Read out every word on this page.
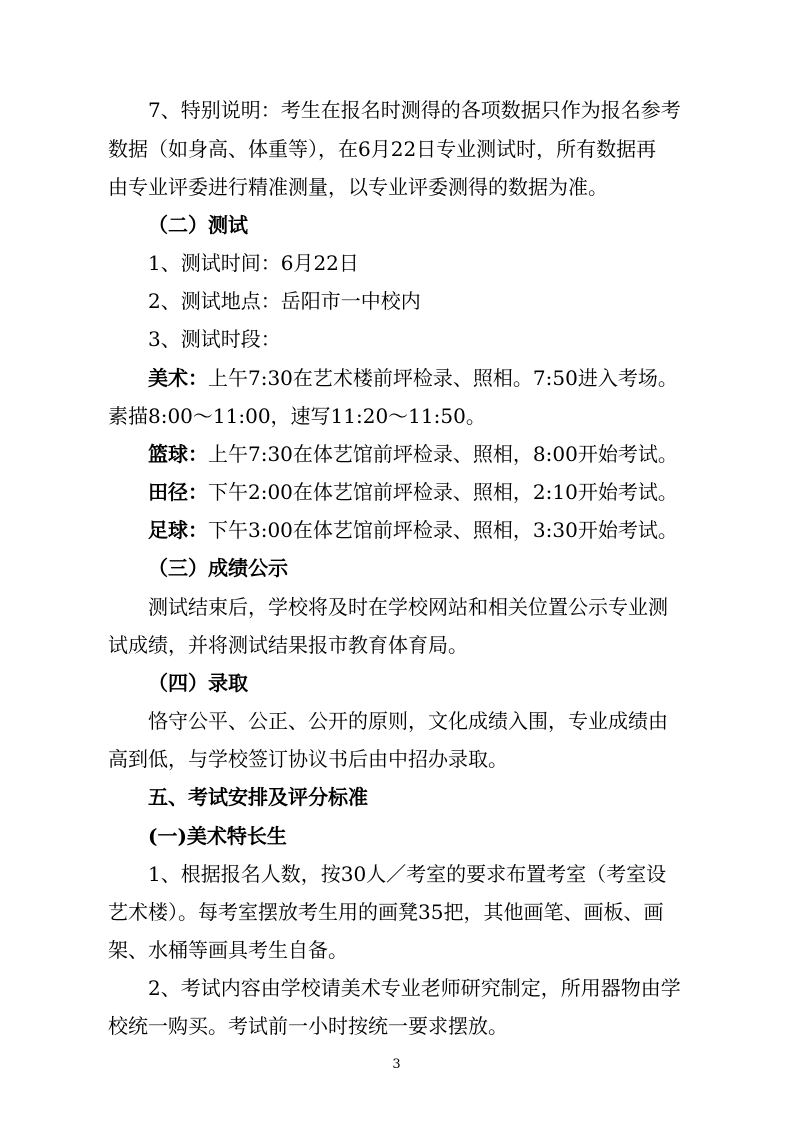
7、特别说明：考生在报名时测得的各项数据只作为报名参考
数据（如身高、体重等），在6月22日专业测试时，所有数据再
由专业评委进行精准测量，以专业评委测得的数据为准。
（二）测试
1、测试时间：6月22日
2、测试地点：岳阳市一中校内
3、测试时段：
美术：上午7:30在艺术楼前坪检录、照相。7:50进入考场。
素描8:00～11:00，速写11:20～11:50。
篮球：上午7:30在体艺馆前坪检录、照相，8:00开始考试。
田径：下午2:00在体艺馆前坪检录、照相，2:10开始考试。
足球：下午3:00在体艺馆前坪检录、照相，3:30开始考试。
（三）成绩公示
测试结束后，学校将及时在学校网站和相关位置公示专业测
试成绩，并将测试结果报市教育体育局。
（四）录取
恪守公平、公正、公开的原则，文化成绩入围，专业成绩由
高到低，与学校签订协议书后由中招办录取。
五、考试安排及评分标准
(一)美术特长生
1、根据报名人数，按30人／考室的要求布置考室（考室设
艺术楼）。每考室摆放考生用的画凳35把，其他画笔、画板、画
架、水桶等画具考生自备。
2、考试内容由学校请美术专业老师研究制定，所用器物由学
校统一购买。考试前一小时按统一要求摆放。
3
